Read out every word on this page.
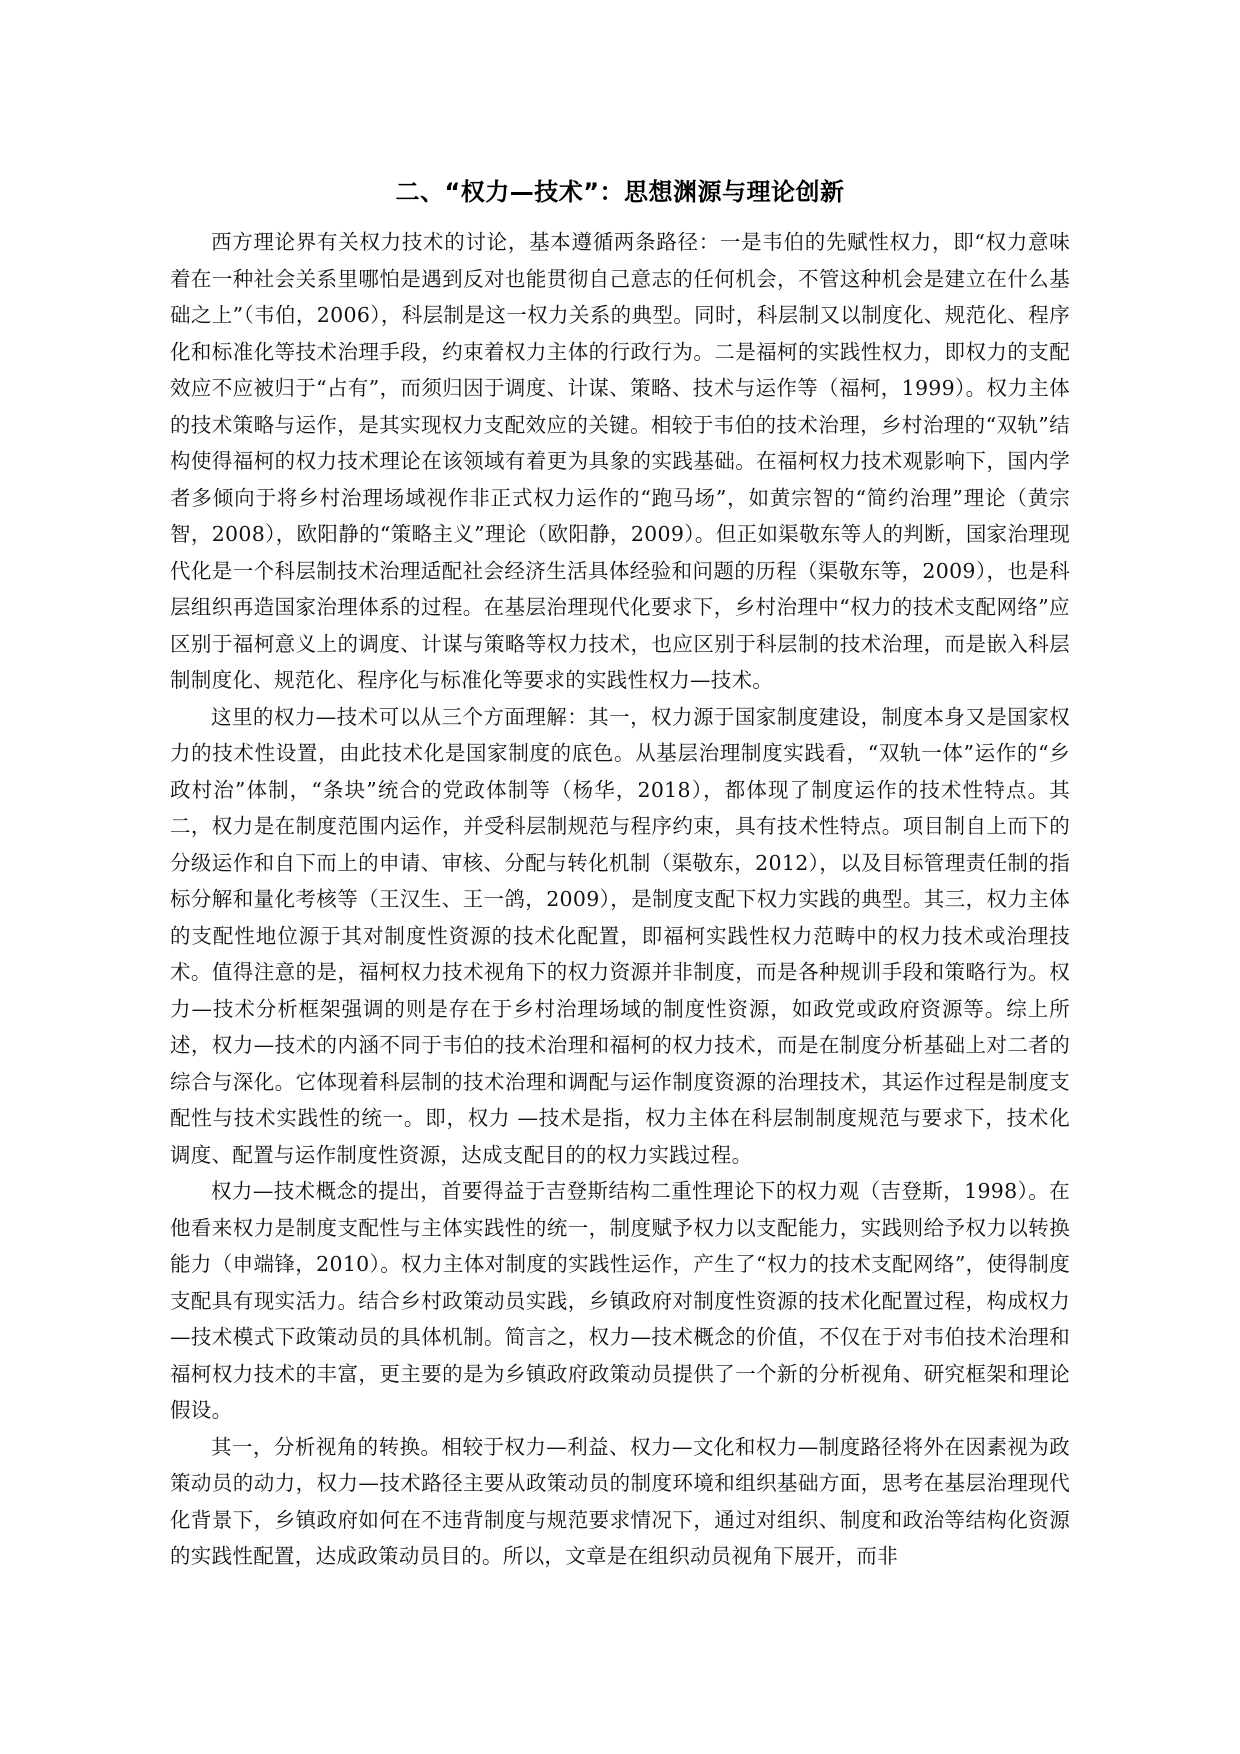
二、“权力—技术”：思想渊源与理论创新

西方理论界有关权力技术的讨论，基本遵循两条路径：一是韦伯的先赋性权力，即“权力意味着在一种社会关系里哪怕是遇到反对也能贯彻自己意志的任何机会，不管这种机会是建立在什么基础之上”（韦伯，2006），科层制是这一权力关系的典型。同时，科层制又以制度化、规范化、程序化和标准化等技术治理手段，约束着权力主体的行政行为。二是福柯的实践性权力，即权力的支配效应不应被归于“占有”，而须归因于调度、计谋、策略、技术与运作等（福柯，1999）。权力主体的技术策略与运作，是其实现权力支配效应的关键。相较于韦伯的技术治理，乡村治理的“双轨”结构使得福柯的权力技术理论在该领域有着更为具象的实践基础。在福柯权力技术观影响下，国内学者多倾向于将乡村治理场域视作非正式权力运作的“跑马场”，如黄宗智的“简约治理”理论（黄宗智，2008），欧阳静的“策略主义”理论（欧阳静，2009）。但正如渠敬东等人的判断，国家治理现代化是一个科层制技术治理适配社会经济生活具体经验和问题的历程（渠敬东等，2009），也是科层组织再造国家治理体系的过程。在基层治理现代化要求下，乡村治理中“权力的技术支配网络”应区别于福柯意义上的调度、计谋与策略等权力技术，也应区别于科层制的技术治理，而是嵌入科层制制度化、规范化、程序化与标准化等要求的实践性权力—技术。

这里的权力—技术可以从三个方面理解：其一，权力源于国家制度建设，制度本身又是国家权力的技术性设置，由此技术化是国家制度的底色。从基层治理制度实践看，“双轨一体”运作的“乡政村治”体制，“条块”统合的党政体制等（杨华，2018），都体现了制度运作的技术性特点。其二，权力是在制度范围内运作，并受科层制规范与程序约束，具有技术性特点。项目制自上而下的分级运作和自下而上的申请、审核、分配与转化机制（渠敬东，2012），以及目标管理责任制的指标分解和量化考核等（王汉生、王一鸽，2009），是制度支配下权力实践的典型。其三，权力主体的支配性地位源于其对制度性资源的技术化配置，即福柯实践性权力范畴中的权力技术或治理技术。值得注意的是，福柯权力技术视角下的权力资源并非制度，而是各种规训手段和策略行为。权力—技术分析框架强调的则是存在于乡村治理场域的制度性资源，如政党或政府资源等。综上所述，权力—技术的内涵不同于韦伯的技术治理和福柯的权力技术，而是在制度分析基础上对二者的综合与深化。它体现着科层制的技术治理和调配与运作制度资源的治理技术，其运作过程是制度支配性与技术实践性的统一。即，权力 —技术是指，权力主体在科层制制度规范与要求下，技术化调度、配置与运作制度性资源，达成支配目的的权力实践过程。

权力—技术概念的提出，首要得益于吉登斯结构二重性理论下的权力观（吉登斯，1998）。在他看来权力是制度支配性与主体实践性的统一，制度赋予权力以支配能力，实践则给予权力以转换能力（申端锋，2010）。权力主体对制度的实践性运作，产生了“权力的技术支配网络”，使得制度支配具有现实活力。结合乡村政策动员实践，乡镇政府对制度性资源的技术化配置过程，构成权力—技术模式下政策动员的具体机制。简言之，权力—技术概念的价值，不仅在于对韦伯技术治理和福柯权力技术的丰富，更主要的是为乡镇政府政策动员提供了一个新的分析视角、研究框架和理论假设。

其一，分析视角的转换。相较于权力—利益、权力—文化和权力—制度路径将外在因素视为政策动员的动力，权力—技术路径主要从政策动员的制度环境和组织基础方面，思考在基层治理现代化背景下，乡镇政府如何在不违背制度与规范要求情况下，通过对组织、制度和政治等结构化资源的实践性配置，达成政策动员目的。所以，文章是在组织动员视角下展开，而非
